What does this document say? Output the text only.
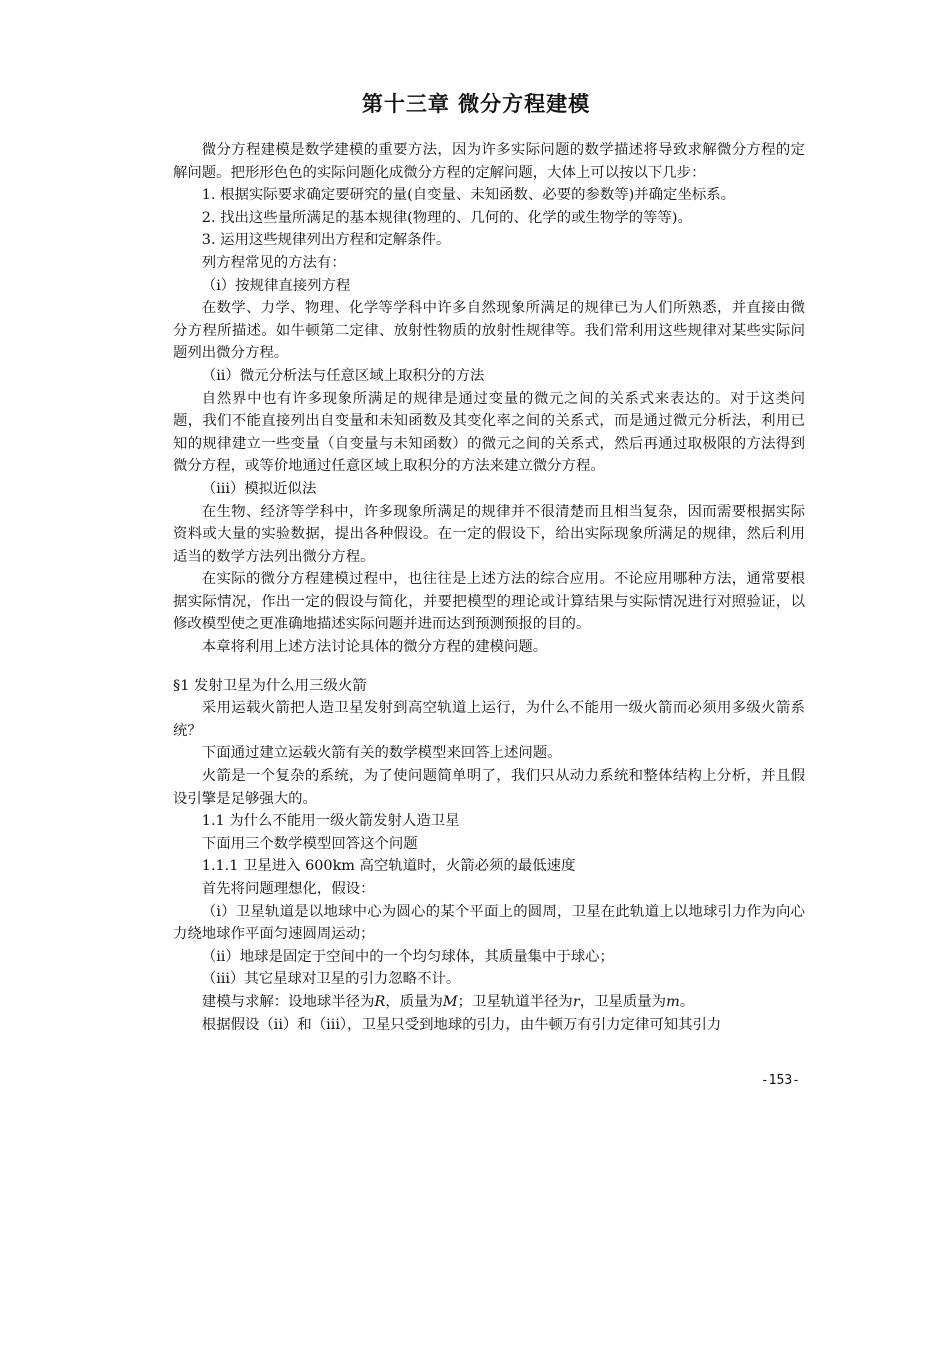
第十三章 微分方程建模

微分方程建模是数学建模的重要方法，因为许多实际问题的数学描述将导致求解微分方程的定解问题。把形形色色的实际问题化成微分方程的定解问题，大体上可以按以下几步：

1. 根据实际要求确定要研究的量(自变量、未知函数、必要的参数等)并确定坐标系。

2. 找出这些量所满足的基本规律(物理的、几何的、化学的或生物学的等等)。

3. 运用这些规律列出方程和定解条件。

列方程常见的方法有：

（i）按规律直接列方程

在数学、力学、物理、化学等学科中许多自然现象所满足的规律已为人们所熟悉，并直接由微分方程所描述。如牛顿第二定律、放射性物质的放射性规律等。我们常利用这些规律对某些实际问题列出微分方程。

（ii）微元分析法与任意区域上取积分的方法

自然界中也有许多现象所满足的规律是通过变量的微元之间的关系式来表达的。对于这类问题，我们不能直接列出自变量和未知函数及其变化率之间的关系式，而是通过微元分析法，利用已知的规律建立一些变量（自变量与未知函数）的微元之间的关系式，然后再通过取极限的方法得到微分方程，或等价地通过任意区域上取积分的方法来建立微分方程。

（iii）模拟近似法

在生物、经济等学科中，许多现象所满足的规律并不很清楚而且相当复杂，因而需要根据实际资料或大量的实验数据，提出各种假设。在一定的假设下，给出实际现象所满足的规律，然后利用适当的数学方法列出微分方程。

在实际的微分方程建模过程中，也往往是上述方法的综合应用。不论应用哪种方法，通常要根据实际情况，作出一定的假设与简化，并要把模型的理论或计算结果与实际情况进行对照验证，以修改模型使之更准确地描述实际问题并进而达到预测预报的目的。

本章将利用上述方法讨论具体的微分方程的建模问题。

§1 发射卫星为什么用三级火箭

采用运载火箭把人造卫星发射到高空轨道上运行，为什么不能用一级火箭而必须用多级火箭系统？

下面通过建立运载火箭有关的数学模型来回答上述问题。

火箭是一个复杂的系统，为了使问题简单明了，我们只从动力系统和整体结构上分析，并且假设引擎是足够强大的。

1.1 为什么不能用一级火箭发射人造卫星

下面用三个数学模型回答这个问题

1.1.1 卫星进入 600km 高空轨道时，火箭必须的最低速度

首先将问题理想化，假设：

（i）卫星轨道是以地球中心为圆心的某个平面上的圆周，卫星在此轨道上以地球引力作为向心力绕地球作平面匀速圆周运动；

（ii）地球是固定于空间中的一个均匀球体，其质量集中于球心；

（iii）其它星球对卫星的引力忽略不计。

建模与求解：设地球半径为R，质量为M；卫星轨道半径为r，卫星质量为m。

根据假设（ii）和（iii），卫星只受到地球的引力，由牛顿万有引力定律可知其引力

-153-
